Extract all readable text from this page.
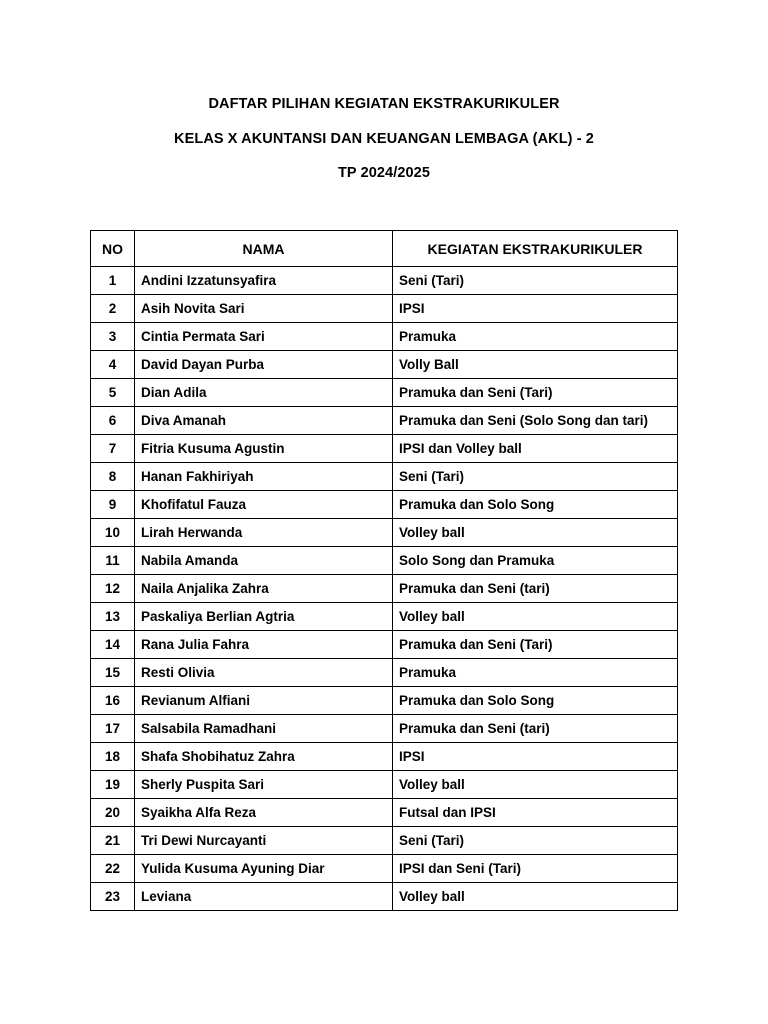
DAFTAR PILIHAN KEGIATAN EKSTRAKURIKULER
KELAS X AKUNTANSI DAN KEUANGAN LEMBAGA (AKL) - 2
TP 2024/2025
NO	NAMA	KEGIATAN EKSTRAKURIKULER
1	Andini Izzatunsyafira	Seni (Tari)
2	Asih Novita Sari	IPSI
3	Cintia Permata Sari	Pramuka
4	David Dayan Purba	Volly Ball
5	Dian Adila	Pramuka dan Seni (Tari)
6	Diva Amanah	Pramuka dan Seni (Solo Song dan tari)
7	Fitria Kusuma Agustin	IPSI dan Volley ball
8	Hanan Fakhiriyah	Seni (Tari)
9	Khofifatul Fauza	Pramuka dan Solo Song
10	Lirah Herwanda	Volley ball
11	Nabila Amanda	Solo Song dan Pramuka
12	Naila Anjalika Zahra	Pramuka dan Seni (tari)
13	Paskaliya Berlian Agtria	Volley ball
14	Rana Julia Fahra	Pramuka dan Seni (Tari)
15	Resti Olivia	Pramuka
16	Revianum Alfiani	Pramuka dan Solo Song
17	Salsabila Ramadhani	Pramuka dan Seni (tari)
18	Shafa Shobihatuz Zahra	IPSI
19	Sherly Puspita Sari	Volley ball
20	Syaikha Alfa Reza	Futsal dan IPSI
21	Tri Dewi Nurcayanti	Seni (Tari)
22	Yulida Kusuma Ayuning Diar	IPSI dan Seni (Tari)
23	Leviana	Volley ball
